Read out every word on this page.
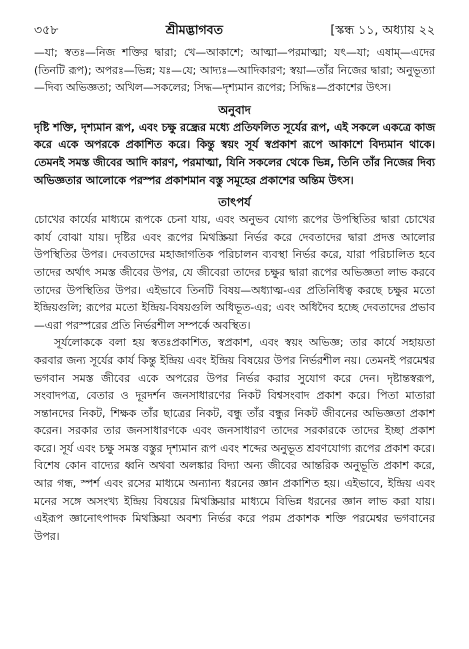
৩৫৮	শ্রীমদ্ভাগবত	[স্কন্ধ ১১, অধ্যায় ২২

—যা; স্বতঃ—নিজ শক্তির দ্বারা; খে—আকাশে; আত্মা—পরমাত্মা; যৎ—যা; এষাম্—এদের (তিনটি রূপ); অপরঃ—ভিন্ন; যঃ—যে; আদ্যঃ—আদিকারণ; স্বয়া—তাঁর নিজের দ্বারা; অনুভূত্যা—দিব্য অভিজ্ঞতা; অখিল—সকলের; সিদ্ধ—দৃশ্যমান রূপের; সিদ্ধিঃ—প্রকাশের উৎস।

অনুবাদ

দৃষ্টি শক্তি, দৃশ্যমান রূপ, এবং চক্ষু রন্ধ্রের মধ্যে প্রতিফলিত সূর্যের রূপ, এই সকলে একত্রে কাজ করে একে অপরকে প্রকাশিত করে। কিন্তু স্বয়ং সূর্য স্বপ্রকাশ রূপে আকাশে বিদ্যমান থাকে। তেমনই সমস্ত জীবের আদি কারণ, পরমাত্মা, যিনি সকলের থেকে ভিন্ন, তিনি তাঁর নিজের দিব্য অভিজ্ঞতার আলোকে পরস্পর প্রকাশমান বস্তু সমূহের প্রকাশের অন্তিম উৎস।

তাৎপর্য

চোখের কার্যের মাধ্যমে রূপকে চেনা যায়, এবং অনুভব যোগ্য রূপের উপস্থিতির দ্বারা চোখের কার্য বোঝা যায়। দৃষ্টির এবং রূপের মিথস্ক্রিয়া নির্ভর করে দেবতাদের দ্বারা প্রদত্ত আলোর উপস্থিতির উপর। দেবতাদের মহাজাগতিক পরিচালন ব্যবস্থা নির্ভর করে, যারা পরিচালিত হবে তাদের অর্থাৎ সমস্ত জীবের উপর, যে জীবেরা তাদের চক্ষুর দ্বারা রূপের অভিজ্ঞতা লাভ করবে তাদের উপস্থিতির উপর। এইভাবে তিনটি বিষয়—অধ্যাত্ম-এর প্রতিনিধিত্ব করছে চক্ষুর মতো ইন্দ্রিয়গুলি; রূপের মতো ইন্দ্রিয়-বিষয়গুলি অধিভূত-এর; এবং অধিদৈব হচ্ছে দেবতাদের প্রভাব—এরা পরস্পরের প্রতি নির্ভরশীল সম্পর্কে অবস্থিত।

সূর্যলোককে বলা হয় স্বতঃপ্রকাশিত, স্বপ্রকাশ, এবং স্বয়ং অভিজ্ঞ; তার কার্যে সহায়তা করবার জন্য সূর্যের কার্য কিন্তু ইন্দ্রিয় এবং ইন্দ্রিয় বিষয়ের উপর নির্ভরশীল নয়। তেমনই পরমেশ্বর ভগবান সমস্ত জীবের একে অপরের উপর নির্ভর করার সুযোগ করে দেন। দৃষ্টান্তস্বরূপ, সংবাদপত্র, বেতার ও দূরদর্শন জনসাধারণের নিকট বিশ্বসংবাদ প্রকাশ করে। পিতা মাতারা সন্তানদের নিকট, শিক্ষক তাঁর ছাত্রের নিকট, বন্ধু তাঁর বন্ধুর নিকট জীবনের অভিজ্ঞতা প্রকাশ করেন। সরকার তার জনসাধারণকে এবং জনসাধারণ তাদের সরকারকে তাদের ইচ্ছা প্রকাশ করে। সূর্য এবং চক্ষু সমস্ত বস্তুর দৃশ্যমান রূপ এবং শব্দের অনুভূত শ্রবণযোগ্য রূপের প্রকাশ করে। বিশেষ কোন বাদ্যের ধ্বনি অথবা অলঙ্কার বিদ্যা অন্য জীবের আন্তরিক অনুভূতি প্রকাশ করে, আর গন্ধ, স্পর্শ এবং রসের মাধ্যমে অন্যান্য ধরনের জ্ঞান প্রকাশিত হয়। এইভাবে, ইন্দ্রিয় এবং মনের সঙ্গে অসংখ্য ইন্দ্রিয় বিষয়ের মিথস্ক্রিয়ার মাধ্যমে বিভিন্ন ধরনের জ্ঞান লাভ করা যায়। এইরূপ জ্ঞানোৎপাদক মিথস্ক্রিয়া অবশ্য নির্ভর করে পরম প্রকাশক শক্তি পরমেশ্বর ভগবানের উপর।
